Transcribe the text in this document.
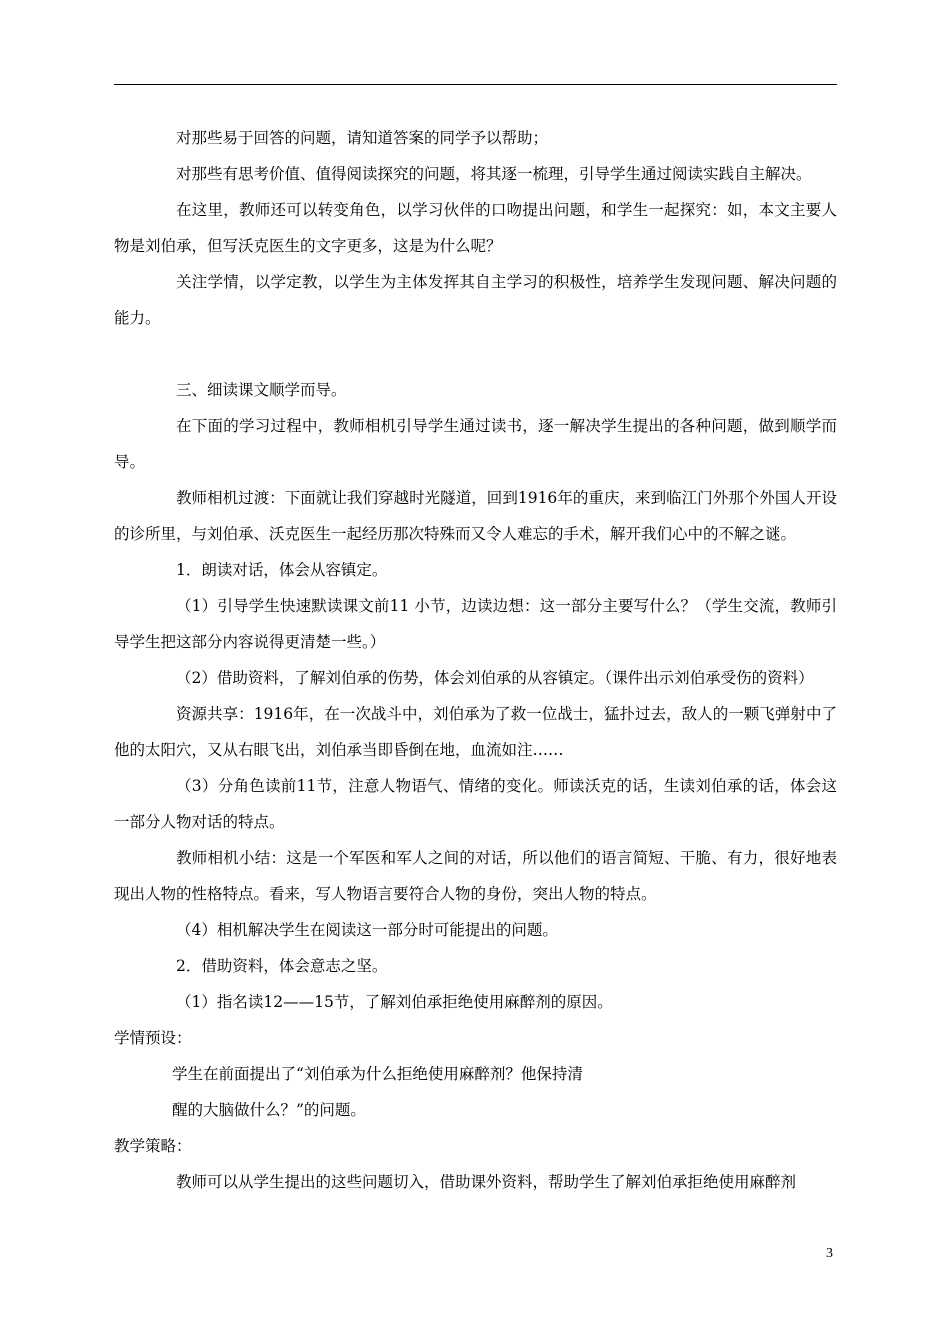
对那些易于回答的问题，请知道答案的同学予以帮助；

对那些有思考价值、值得阅读探究的问题，将其逐一梳理，引导学生通过阅读实践自主解决。

在这里，教师还可以转变角色，以学习伙伴的口吻提出问题，和学生一起探究：如，本文主要人物是刘伯承，但写沃克医生的文字更多，这是为什么呢？

关注学情，以学定教，以学生为主体发挥其自主学习的积极性，培养学生发现问题、解决问题的能力。

三、细读课文顺学而导。

在下面的学习过程中，教师相机引导学生通过读书，逐一解决学生提出的各种问题，做到顺学而导。

教师相机过渡：下面就让我们穿越时光隧道，回到1916年的重庆，来到临江门外那个外国人开设的诊所里，与刘伯承、沃克医生一起经历那次特殊而又令人难忘的手术，解开我们心中的不解之谜。

1．朗读对话，体会从容镇定。

（1）引导学生快速默读课文前11 小节，边读边想：这一部分主要写什么？（学生交流，教师引导学生把这部分内容说得更清楚一些。）

（2）借助资料，了解刘伯承的伤势，体会刘伯承的从容镇定。（课件出示刘伯承受伤的资料）

资源共享：1916年，在一次战斗中，刘伯承为了救一位战士，猛扑过去，敌人的一颗飞弹射中了他的太阳穴，又从右眼飞出，刘伯承当即昏倒在地，血流如注……

（3）分角色读前11节，注意人物语气、情绪的变化。师读沃克的话，生读刘伯承的话，体会这一部分人物对话的特点。

教师相机小结：这是一个军医和军人之间的对话，所以他们的语言简短、干脆、有力，很好地表现出人物的性格特点。看来，写人物语言要符合人物的身份，突出人物的特点。

（4）相机解决学生在阅读这一部分时可能提出的问题。

2．借助资料，体会意志之坚。

（1）指名读12——15节，了解刘伯承拒绝使用麻醉剂的原因。

学情预设：

学生在前面提出了“刘伯承为什么拒绝使用麻醉剂？他保持清

醒的大脑做什么？”的问题。

教学策略：

教师可以从学生提出的这些问题切入，借助课外资料，帮助学生了解刘伯承拒绝使用麻醉剂

3
